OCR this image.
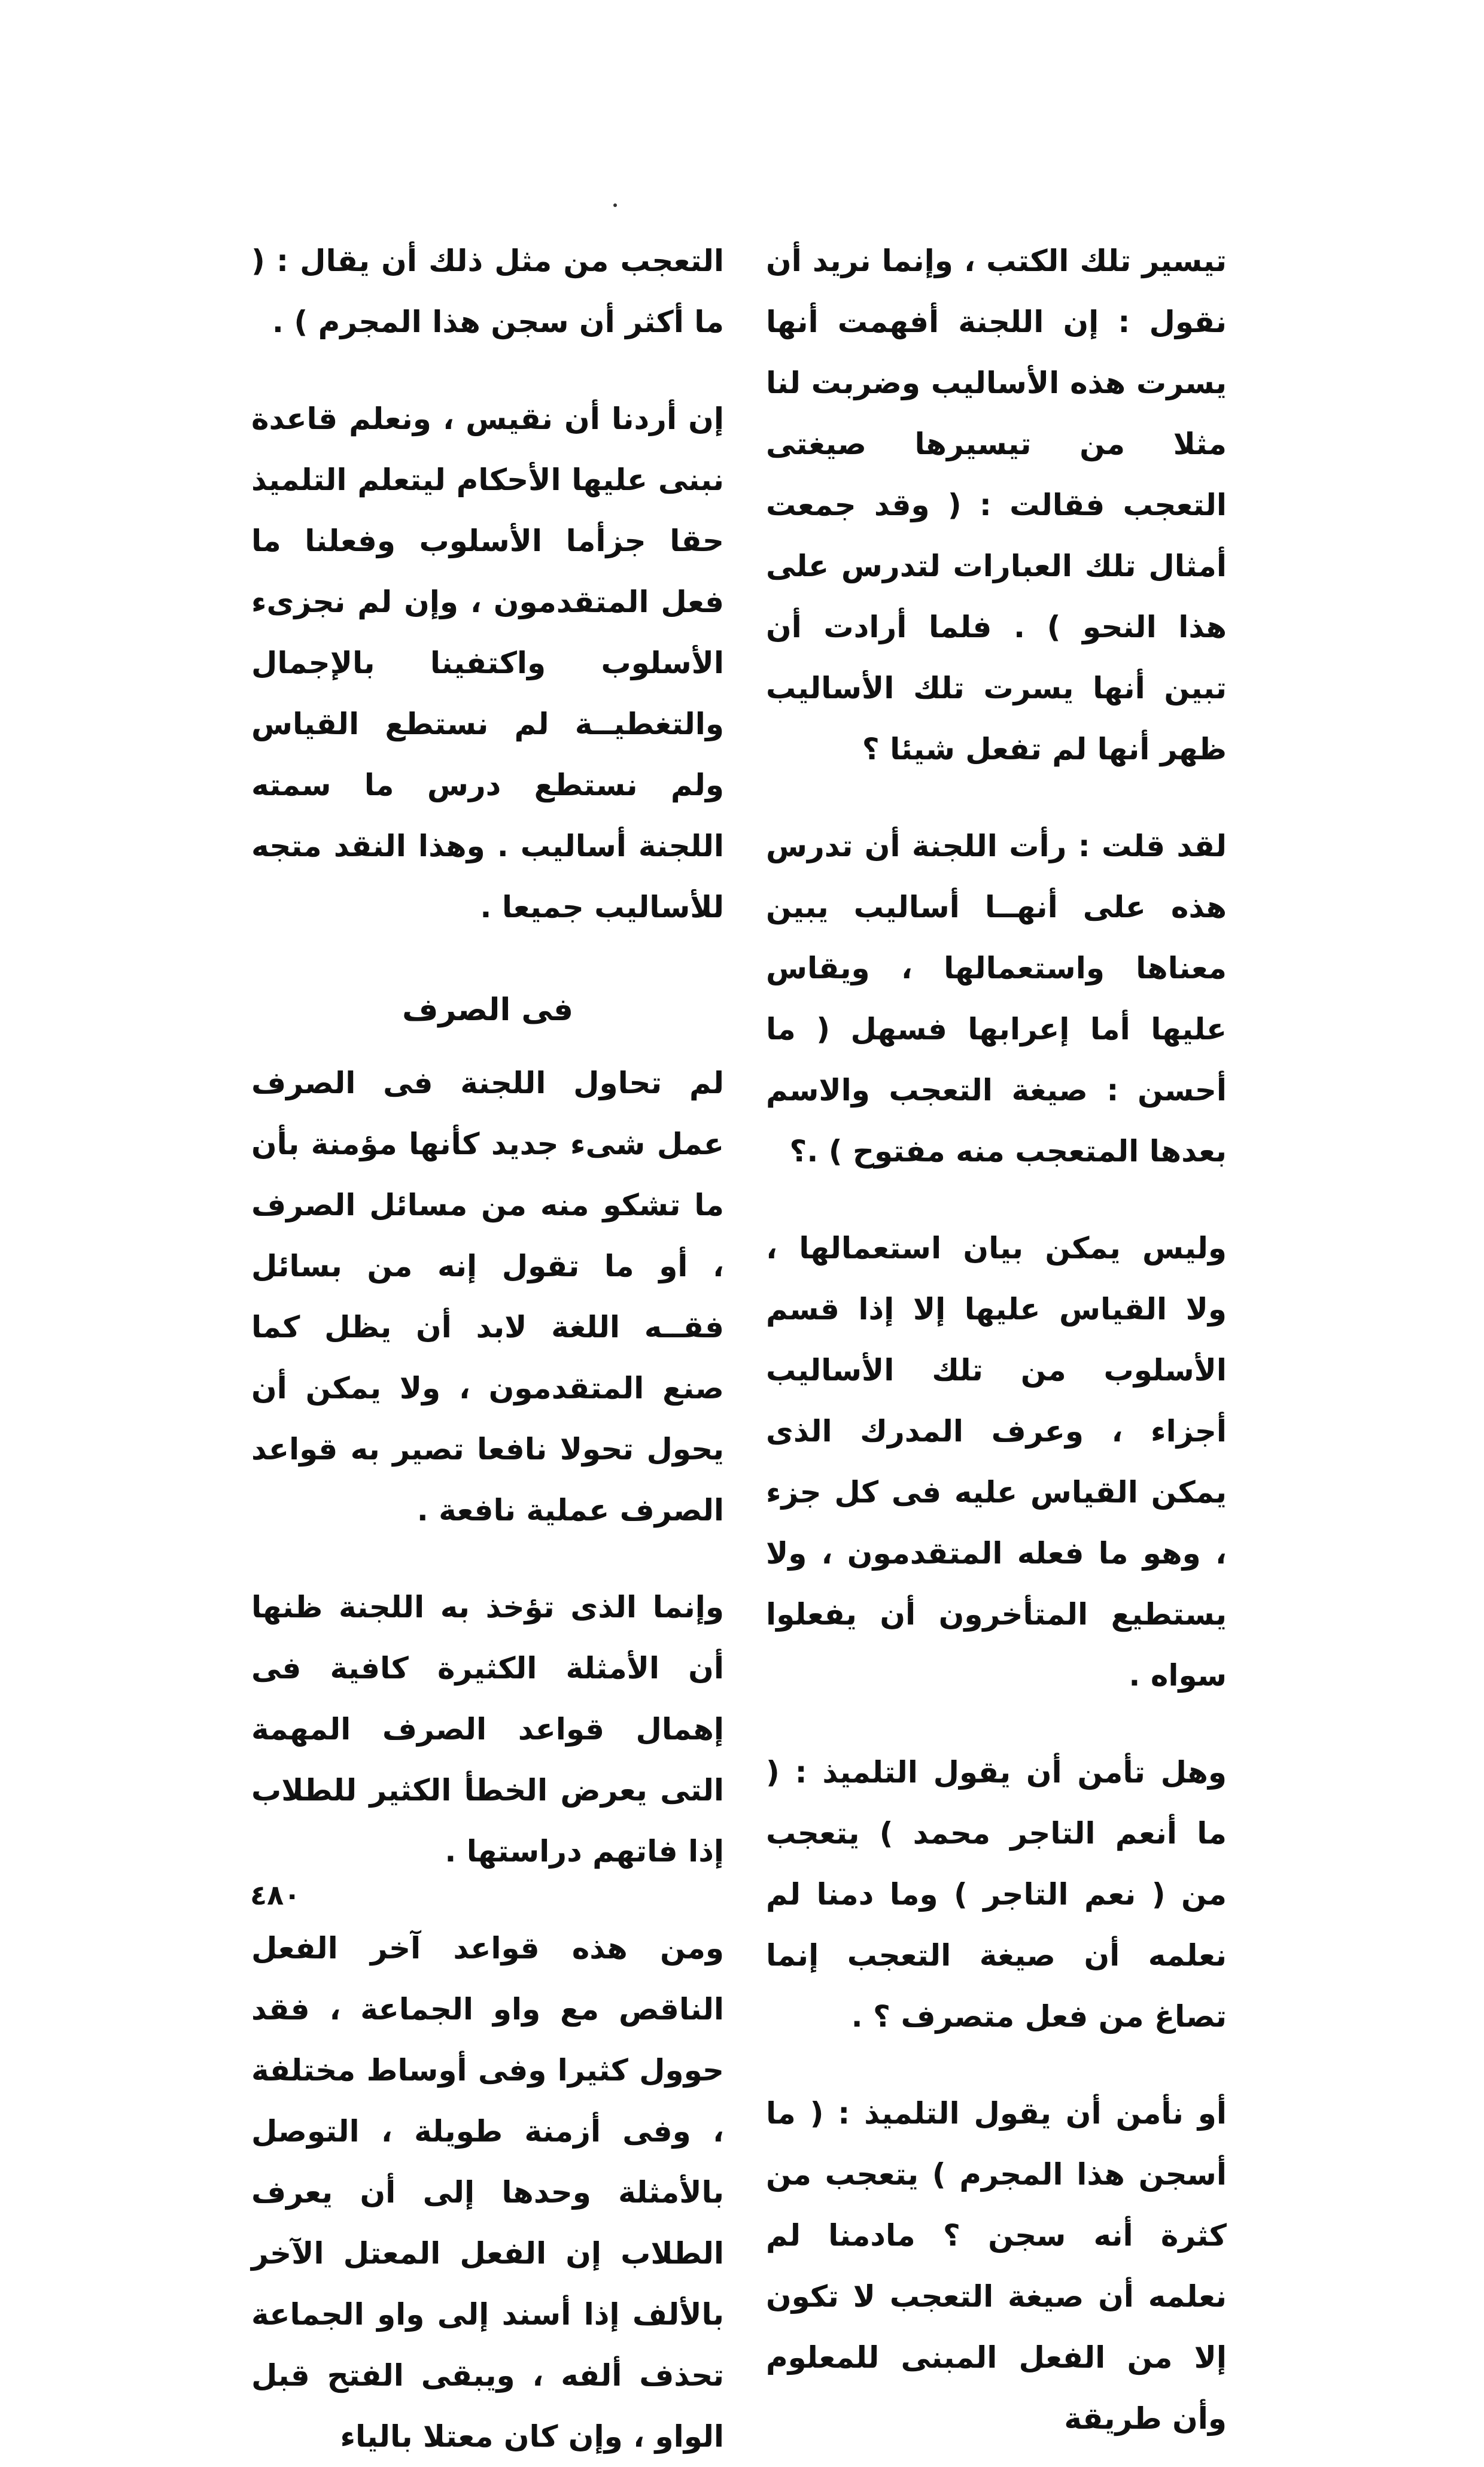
تيسير تلك الكتب ، وإنما نريد أن نقول : إن اللجنة أفهمت أنها يسرت هذه الأساليب وضربت لنا مثلا من تيسيرها صيغتى التعجب فقالت : ( وقد جمعت أمثال تلك العبارات لتدرس على هذا النحو ) . فلما أرادت أن تبين أنها يسرت تلك الأساليب ظهر أنها لم تفعل شيئا ؟

لقد قلت : رأت اللجنة أن تدرس هذه على أنهــا أساليب يبين معناها واستعمالها ، ويقاس عليها أما إعرابها فسهل ( ما أحسن : صيغة التعجب والاسم بعدها المتعجب منه مفتوح ) .؟

وليس يمكن بيان استعمالها ، ولا القياس عليها إلا إذا قسم الأسلوب من تلك الأساليب أجزاء ، وعرف المدرك الذى يمكن القياس عليه فى كل جزء ، وهو ما فعله المتقدمون ، ولا يستطيع المتأخرون أن يفعلوا سواه .

وهل تأمن أن يقول التلميذ : ( ما أنعم التاجر محمد ) يتعجب من ( نعم التاجر ) وما دمنا لم نعلمه أن صيغة التعجب إنما تصاغ من فعل متصرف ؟ .

أو نأمن أن يقول التلميذ : ( ما أسجن هذا المجرم ) يتعجب من كثرة أنه سجن ؟ مادمنا لم نعلمه أن صيغة التعجب لا تكون إلا من الفعل المبنى للمعلوم وأن طريقة

التعجب من مثل ذلك أن يقال : ( ما أكثر أن سجن هذا المجرم ) .

إن أردنا أن نقيس ، ونعلم قاعدة نبنى عليها الأحكام ليتعلم التلميذ حقا جزأما الأسلوب وفعلنا ما فعل المتقدمون ، وإن لم نجزىء الأسلوب واكتفينا بالإجمال والتغطيــة لم نستطع القياس ولم نستطع درس ما سمته اللجنة أساليب . وهذا النقد متجه للأساليب جميعا .

فى الصرف

لم تحاول اللجنة فى الصرف عمل شىء جديد كأنها مؤمنة بأن ما تشكو منه من مسائل الصرف ، أو ما تقول إنه من بسائل فقــه اللغة لابد أن يظل كما صنع المتقدمون ، ولا يمكن أن يحول تحولا نافعا تصير به قواعد الصرف عملية نافعة .

وإنما الذى تؤخذ به اللجنة ظنها أن الأمثلة الكثيرة كافية فى إهمال قواعد الصرف المهمة التى يعرض الخطأ الكثير للطلاب إذا فاتهم دراستها .

ومن هذه قواعد آخر الفعل الناقص مع واو الجماعة ، فقد حوول كثيرا وفى أوساط مختلفة ، وفى أزمنة طويلة ، التوصل بالأمثلة وحدها إلى أن يعرف الطلاب إن الفعل المعتل الآخر بالألف إذا أسند إلى واو الجماعة تحذف ألفه ، ويبقى الفتح قبل الواو ، وإن كان معتلا بالياء

٤٨٠
